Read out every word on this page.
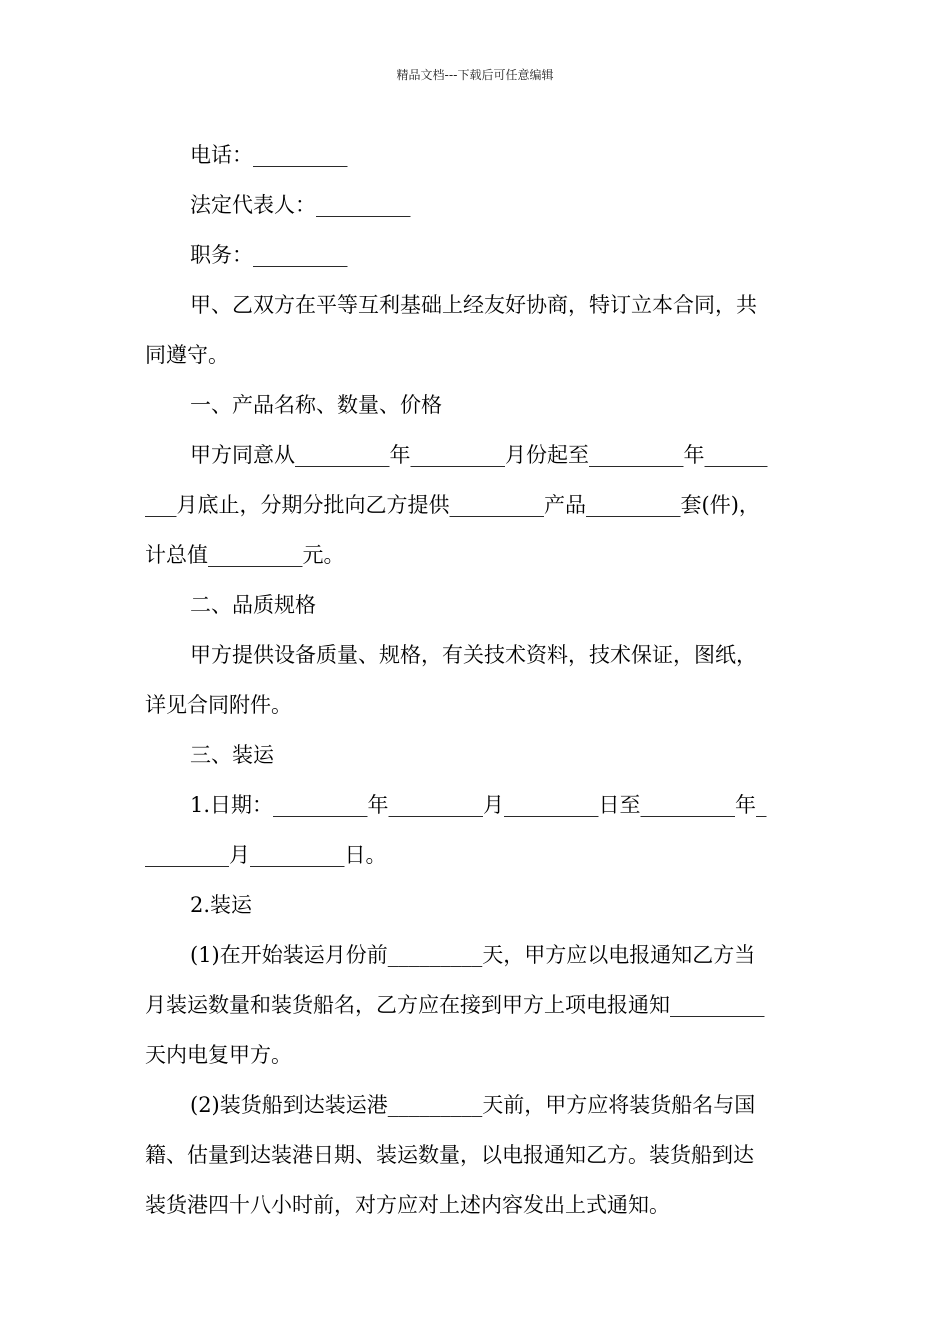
精品文档---下载后可任意编辑
电话：_________
法定代表人：_________
职务：_________
甲、乙双方在平等互利基础上经友好协商，特订立本合同，共
同遵守。
一、产品名称、数量、价格
甲方同意从_________年_________月份起至_________年______
___月底止，分期分批向乙方提供_________产品_________套(件)，
计总值_________元。
二、品质规格
甲方提供设备质量、规格，有关技术资料，技术保证，图纸，
详见合同附件。
三、装运
1.日期：_________年_________月_________日至_________年_
________月_________日。
2.装运
(1)在开始装运月份前_________天，甲方应以电报通知乙方当
月装运数量和装货船名，乙方应在接到甲方上项电报通知_________
天内电复甲方。
(2)装货船到达装运港_________天前，甲方应将装货船名与国
籍、估量到达装港日期、装运数量，以电报通知乙方。装货船到达
装货港四十八小时前，对方应对上述内容发出上式通知。
